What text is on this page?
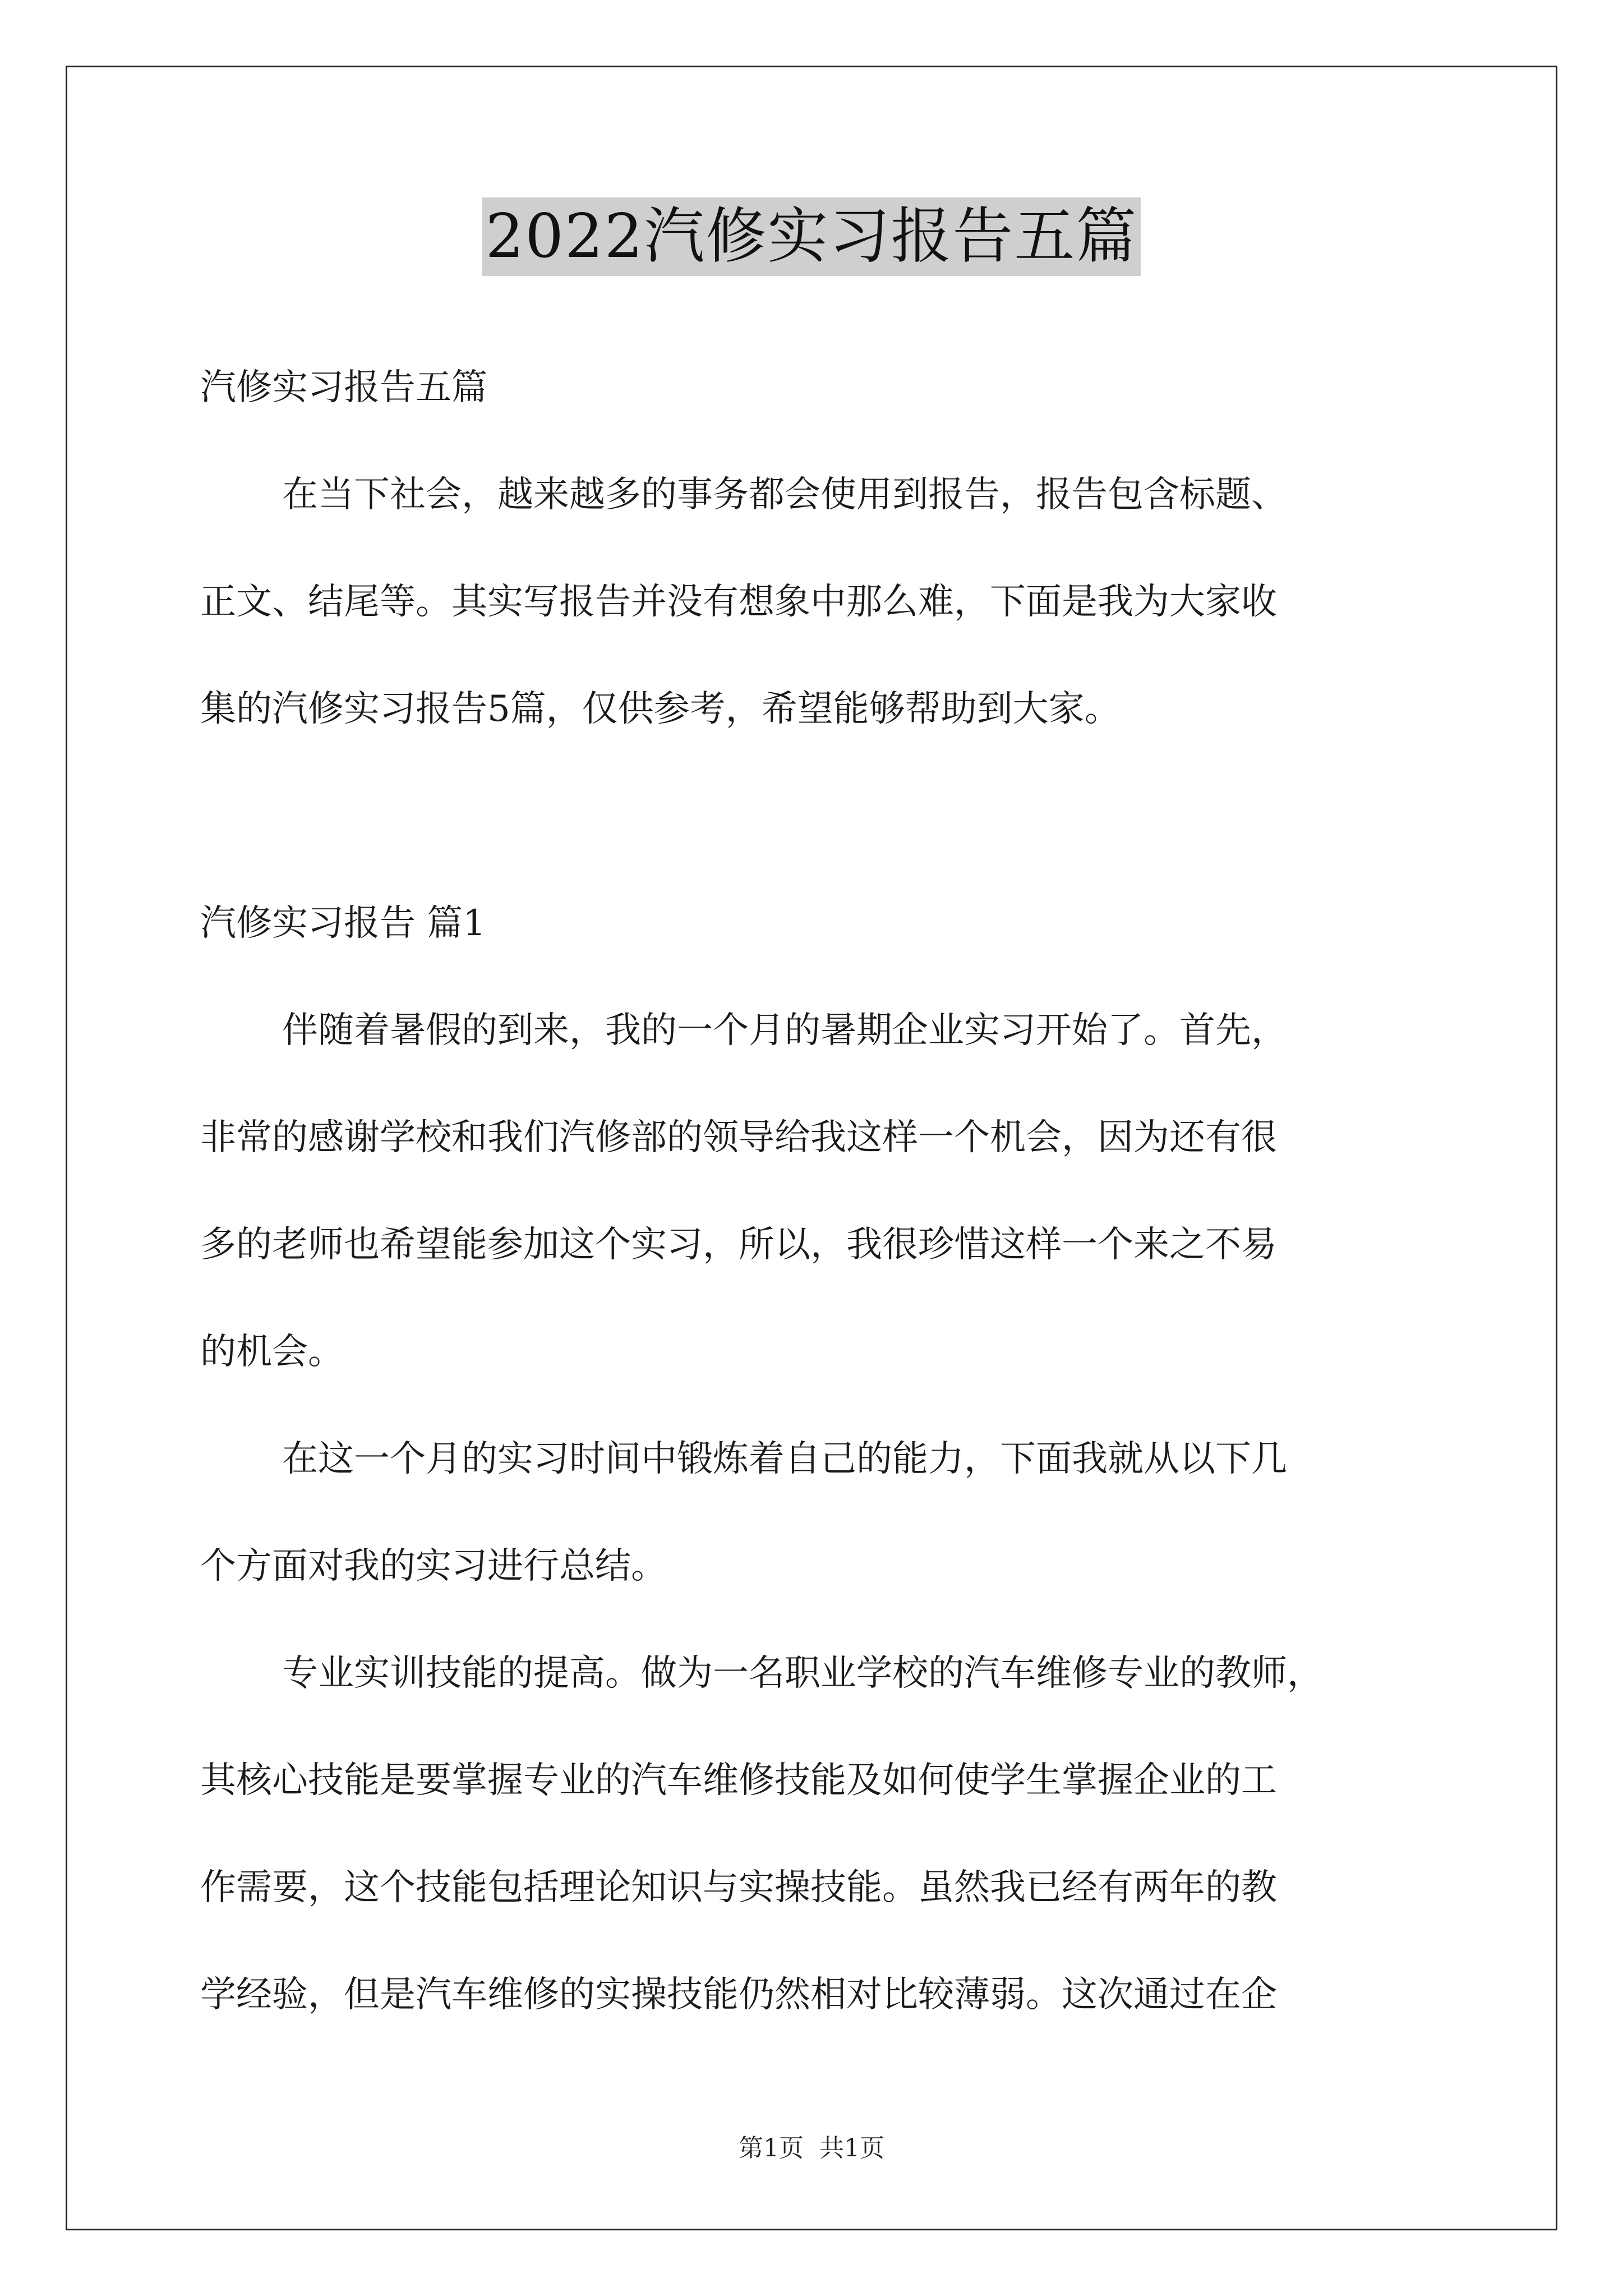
2022汽修实习报告五篇
汽修实习报告五篇
在当下社会，越来越多的事务都会使用到报告，报告包含标题、
正文、结尾等。其实写报告并没有想象中那么难，下面是我为大家收
集的汽修实习报告5篇，仅供参考，希望能够帮助到大家。
汽修实习报告 篇1
伴随着暑假的到来，我的一个月的暑期企业实习开始了。首先，
非常的感谢学校和我们汽修部的领导给我这样一个机会，因为还有很
多的老师也希望能参加这个实习，所以，我很珍惜这样一个来之不易
的机会。
在这一个月的实习时间中锻炼着自己的能力，下面我就从以下几
个方面对我的实习进行总结。
专业实训技能的提高。做为一名职业学校的汽车维修专业的教师，
其核心技能是要掌握专业的汽车维修技能及如何使学生掌握企业的工
作需要，这个技能包括理论知识与实操技能。虽然我已经有两年的教
学经验，但是汽车维修的实操技能仍然相对比较薄弱。这次通过在企
第1页 共1页
